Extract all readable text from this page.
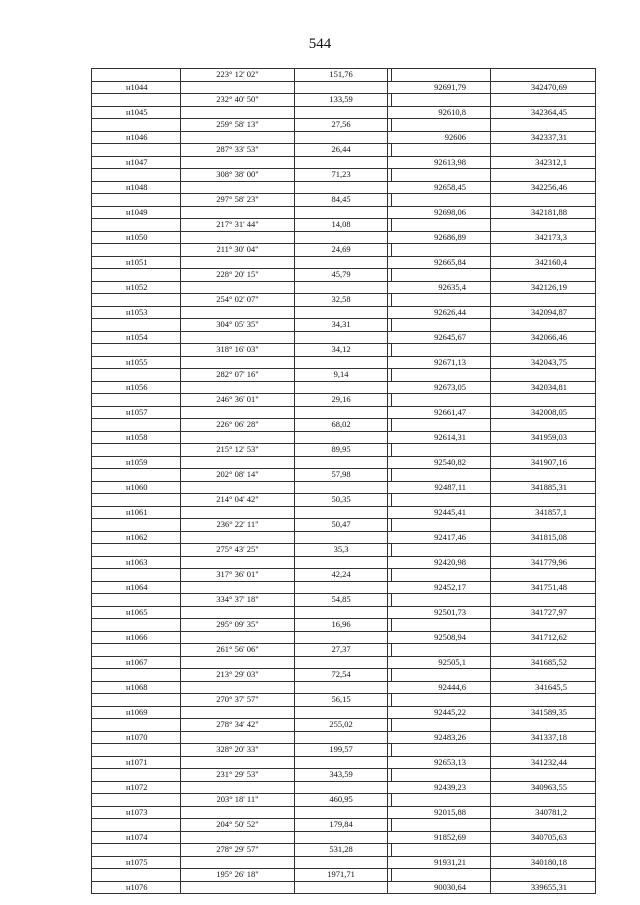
544
223° 12' 02"	151,76
н1044	92691,79	342470,69
232° 40' 50"	133,59
н1045	92610,8	342364,45
259° 58' 13"	27,56
н1046	92606	342337,31
287° 33' 53"	26,44
н1047	92613,98	342312,1
308° 38' 00"	71,23
н1048	92658,45	342256,46
297° 58' 23"	84,45
н1049	92698,06	342181,88
217° 31' 44"	14,08
н1050	92686,89	342173,3
211° 30' 04"	24,69
н1051	92665,84	342160,4
228° 20' 15"	45,79
н1052	92635,4	342126,19
254° 02' 07"	32,58
н1053	92626,44	342094,87
304° 05' 35"	34,31
н1054	92645,67	342066,46
318° 16' 03"	34,12
н1055	92671,13	342043,75
282° 07' 16"	9,14
н1056	92673,05	342034,81
246° 36' 01"	29,16
н1057	92661,47	342008,05
226° 06' 28"	68,02
н1058	92614,31	341959,03
215° 12' 53"	89,95
н1059	92540,82	341907,16
202° 08' 14"	57,98
н1060	92487,11	341885,31
214° 04' 42"	50,35
н1061	92445,41	341857,1
236° 22' 11"	50,47
н1062	92417,46	341815,08
275° 43' 25"	35,3
н1063	92420,98	341779,96
317° 36' 01"	42,24
н1064	92452,17	341751,48
334° 37' 18"	54,85
н1065	92501,73	341727,97
295° 09' 35"	16,96
н1066	92508,94	341712,62
261° 56' 06"	27,37
н1067	92505,1	341685,52
213° 29' 03"	72,54
н1068	92444,6	341645,5
270° 37' 57"	56,15
н1069	92445,22	341589,35
278° 34' 42"	255,02
н1070	92483,26	341337,18
328° 20' 33"	199,57
н1071	92653,13	341232,44
231° 29' 53"	343,59
н1072	92439,23	340963,55
203° 18' 11"	460,95
н1073	92015,88	340781,2
204° 50' 52"	179,84
н1074	91852,69	340705,63
278° 29' 57"	531,28
н1075	91931,21	340180,18
195° 26' 18"	1971,71
н1076	90030,64	339655,31
